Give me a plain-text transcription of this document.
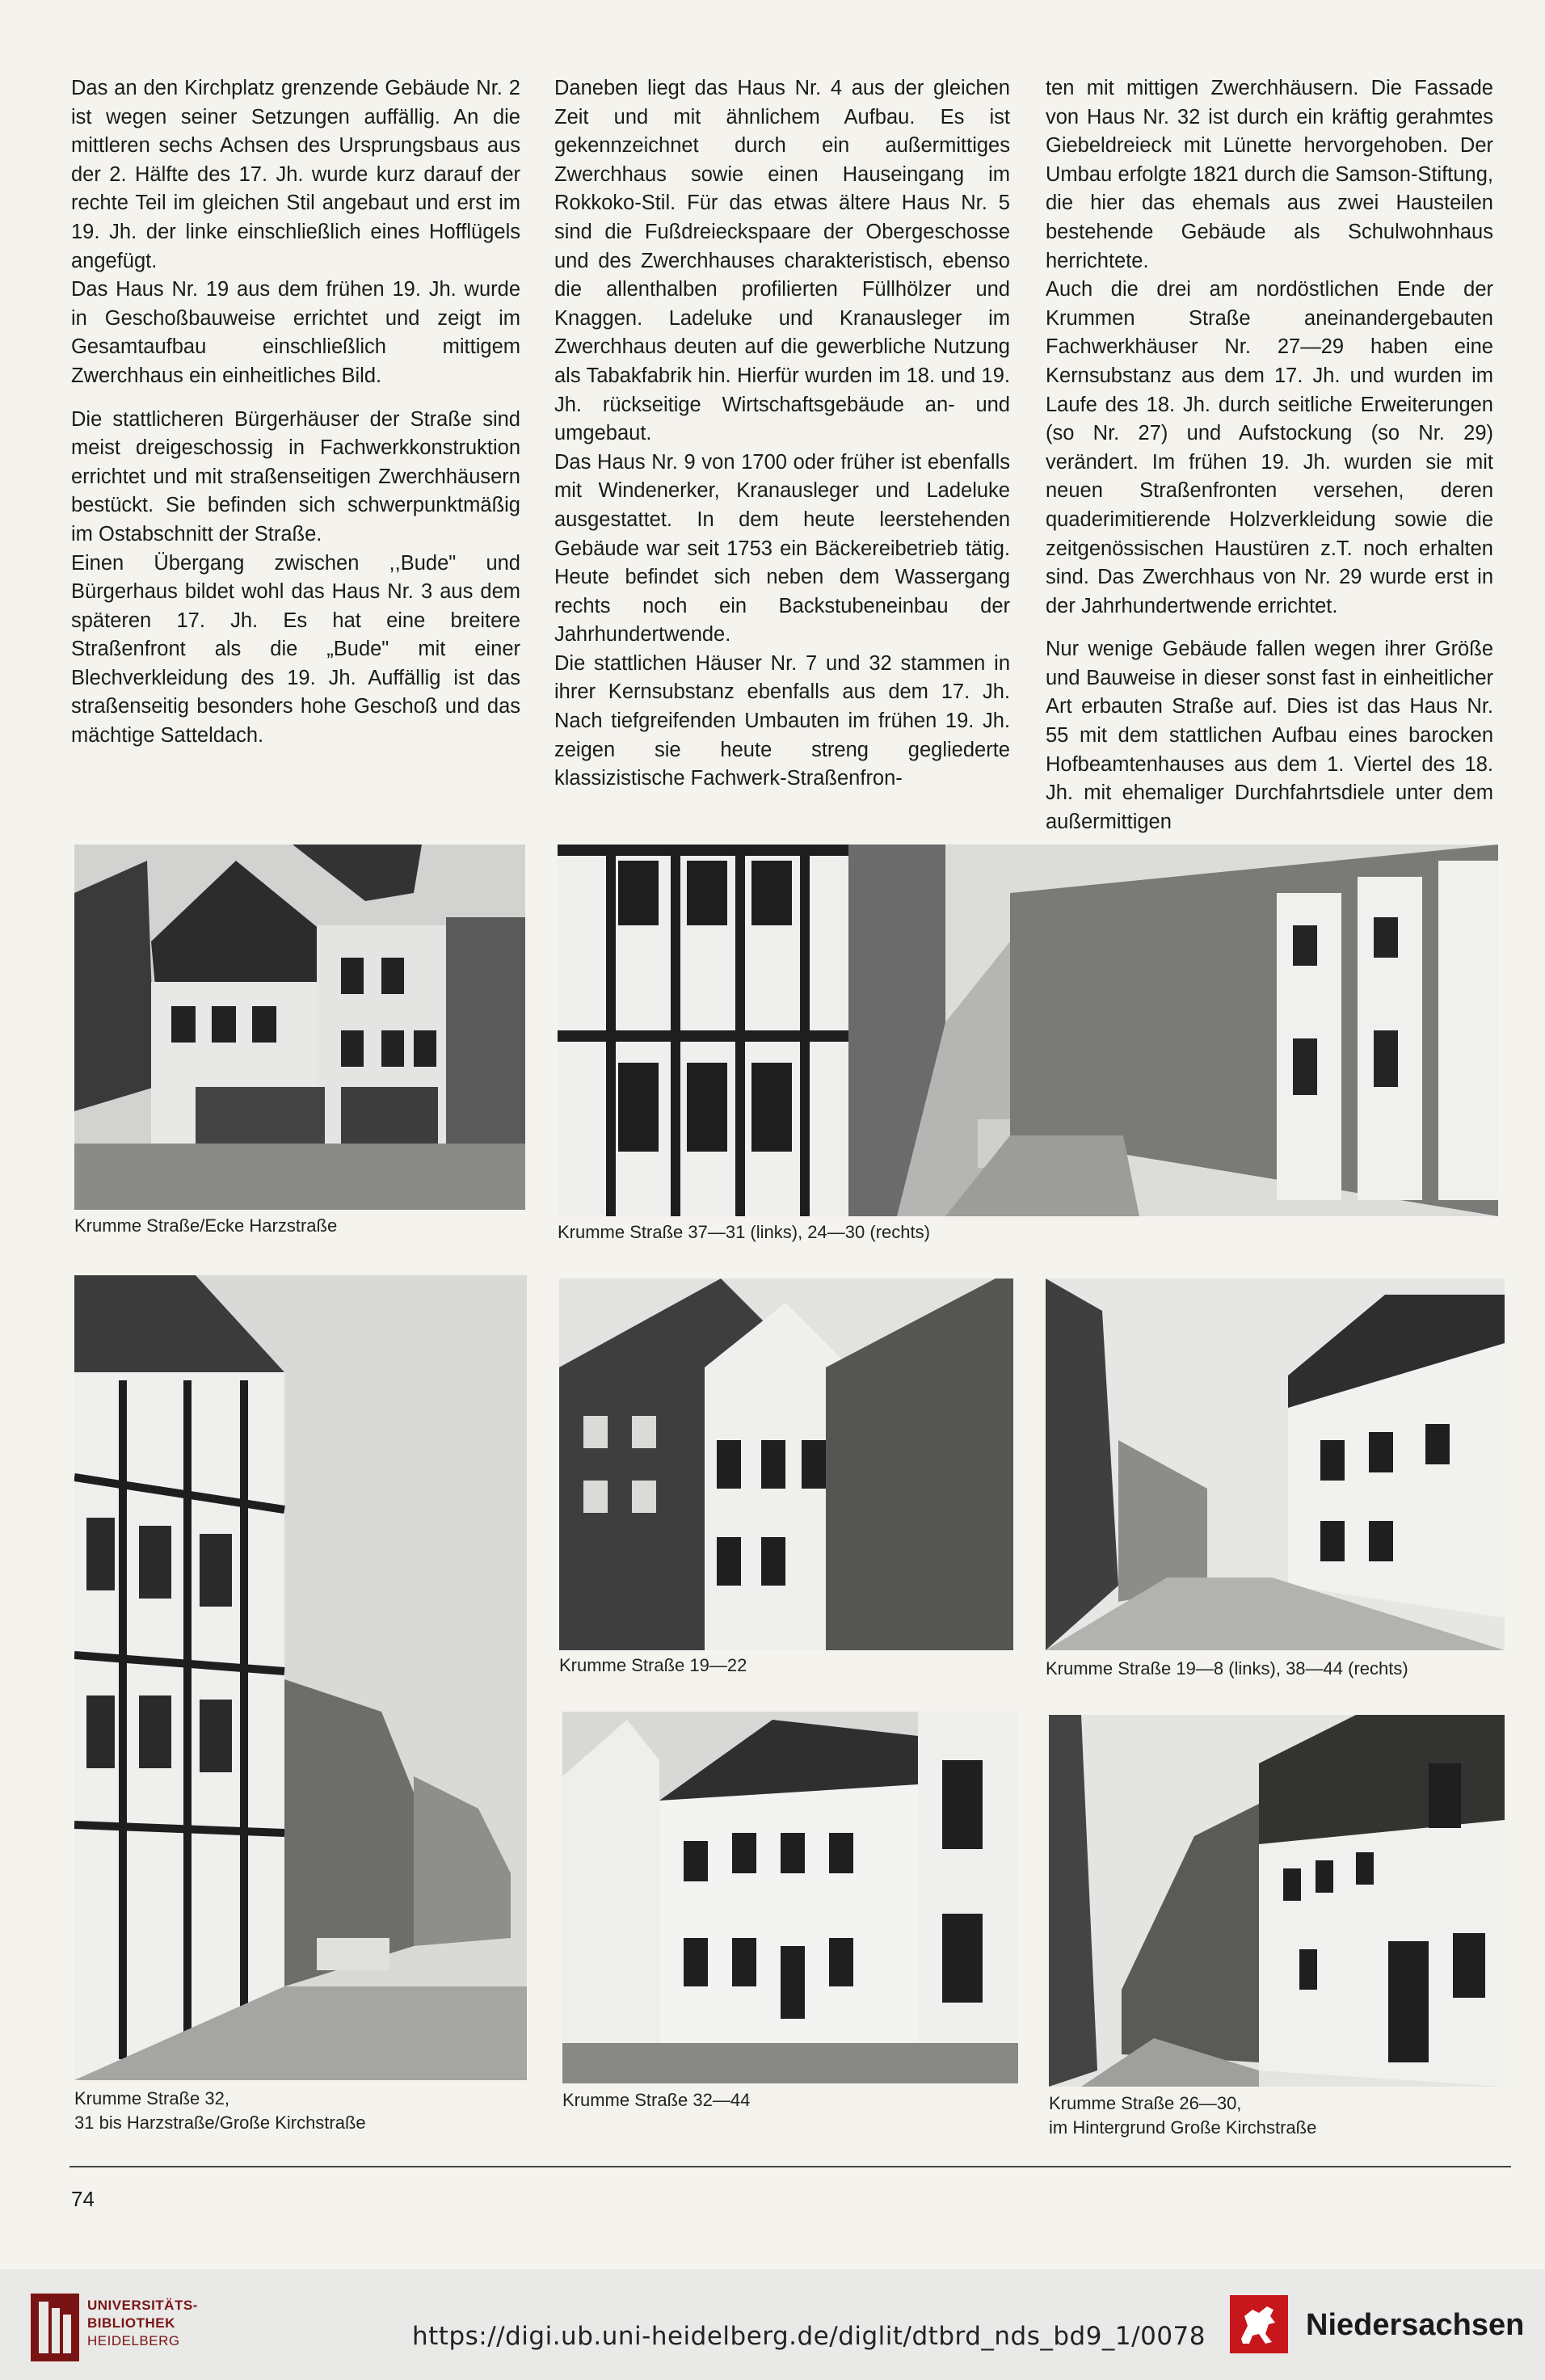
Das an den Kirchplatz grenzende Gebäude Nr. 2 ist wegen seiner Setzungen auffällig. An die mittleren sechs Achsen des Ursprungsbaus aus der 2. Hälfte des 17. Jh. wurde kurz darauf der rechte Teil im gleichen Stil angebaut und erst im 19. Jh. der linke einschließlich eines Hofflügels angefügt.

Das Haus Nr. 19 aus dem frühen 19. Jh. wurde in Geschoßbauweise errichtet und zeigt im Gesamtaufbau einschließlich mittigem Zwerchhaus ein einheitliches Bild.

Die stattlicheren Bürgerhäuser der Straße sind meist dreigeschossig in Fachwerkkonstruktion errichtet und mit straßenseitigen Zwerchhäusern bestückt. Sie befinden sich schwerpunktmäßig im Ostabschnitt der Straße.

Einen Übergang zwischen ,,Bude" und Bürgerhaus bildet wohl das Haus Nr. 3 aus dem späteren 17. Jh. Es hat eine breitere Straßenfront als die „Bude" mit einer Blechverkleidung des 19. Jh. Auffällig ist das straßenseitig besonders hohe Geschoß und das mächtige Satteldach.

Daneben liegt das Haus Nr. 4 aus der gleichen Zeit und mit ähnlichem Aufbau. Es ist gekennzeichnet durch ein außermittiges Zwerchhaus sowie einen Hauseingang im Rokkoko-Stil. Für das etwas ältere Haus Nr. 5 sind die Fußdreieckspaare der Obergeschosse und des Zwerchhauses charakteristisch, ebenso die allenthalben profilierten Füllhölzer und Knaggen. Ladeluke und Kranausleger im Zwerchhaus deuten auf die gewerbliche Nutzung als Tabakfabrik hin. Hierfür wurden im 18. und 19. Jh. rückseitige Wirtschaftsgebäude an- und umgebaut.

Das Haus Nr. 9 von 1700 oder früher ist ebenfalls mit Windenerker, Kranausleger und Ladeluke ausgestattet. In dem heute leerstehenden Gebäude war seit 1753 ein Bäckereibetrieb tätig. Heute befindet sich neben dem Wassergang rechts noch ein Backstubeneinbau der Jahrhundertwende.

Die stattlichen Häuser Nr. 7 und 32 stammen in ihrer Kernsubstanz ebenfalls aus dem 17. Jh. Nach tiefgreifenden Umbauten im frühen 19. Jh. zeigen sie heute streng gegliederte klassizistische Fachwerk-Straßenfron-

ten mit mittigen Zwerchhäusern. Die Fassade von Haus Nr. 32 ist durch ein kräftig gerahmtes Giebeldreieck mit Lünette hervorgehoben. Der Umbau erfolgte 1821 durch die Samson-Stiftung, die hier das ehemals aus zwei Hausteilen bestehende Gebäude als Schulwohnhaus herrichtete.

Auch die drei am nordöstlichen Ende der Krummen Straße aneinandergebauten Fachwerkhäuser Nr. 27—29 haben eine Kernsubstanz aus dem 17. Jh. und wurden im Laufe des 18. Jh. durch seitliche Erweiterungen (so Nr. 27) und Aufstockung (so Nr. 29) verändert. Im frühen 19. Jh. wurden sie mit neuen Straßenfronten versehen, deren quaderimitierende Holzverkleidung sowie die zeitgenössischen Haustüren z.T. noch erhalten sind. Das Zwerchhaus von Nr. 29 wurde erst in der Jahrhundertwende errichtet.

Nur wenige Gebäude fallen wegen ihrer Größe und Bauweise in dieser sonst fast in einheitlicher Art erbauten Straße auf. Dies ist das Haus Nr. 55 mit dem stattlichen Aufbau eines barocken Hofbeamtenhauses aus dem 1. Viertel des 18. Jh. mit ehemaliger Durchfahrtsdiele unter dem außermittigen

Krumme Straße/Ecke Harzstraße	Krumme Straße 37—31 (links), 24—30 (rechts)
Krumme Straße 32,
31 bis Harzstraße/Große Kirchstraße
Krumme Straße 19—22	Krumme Straße 19—8 (links), 38—44 (rechts)
Krumme Straße 32—44	Krumme Straße 26—30,
im Hintergrund Große Kirchstraße
74
UNIVERSITÄTS-
BIBLIOTHEK
HEIDELBERG	https://digi.ub.uni-heidelberg.de/diglit/dtbrd_nds_bd9_1/0078	Niedersachsen
